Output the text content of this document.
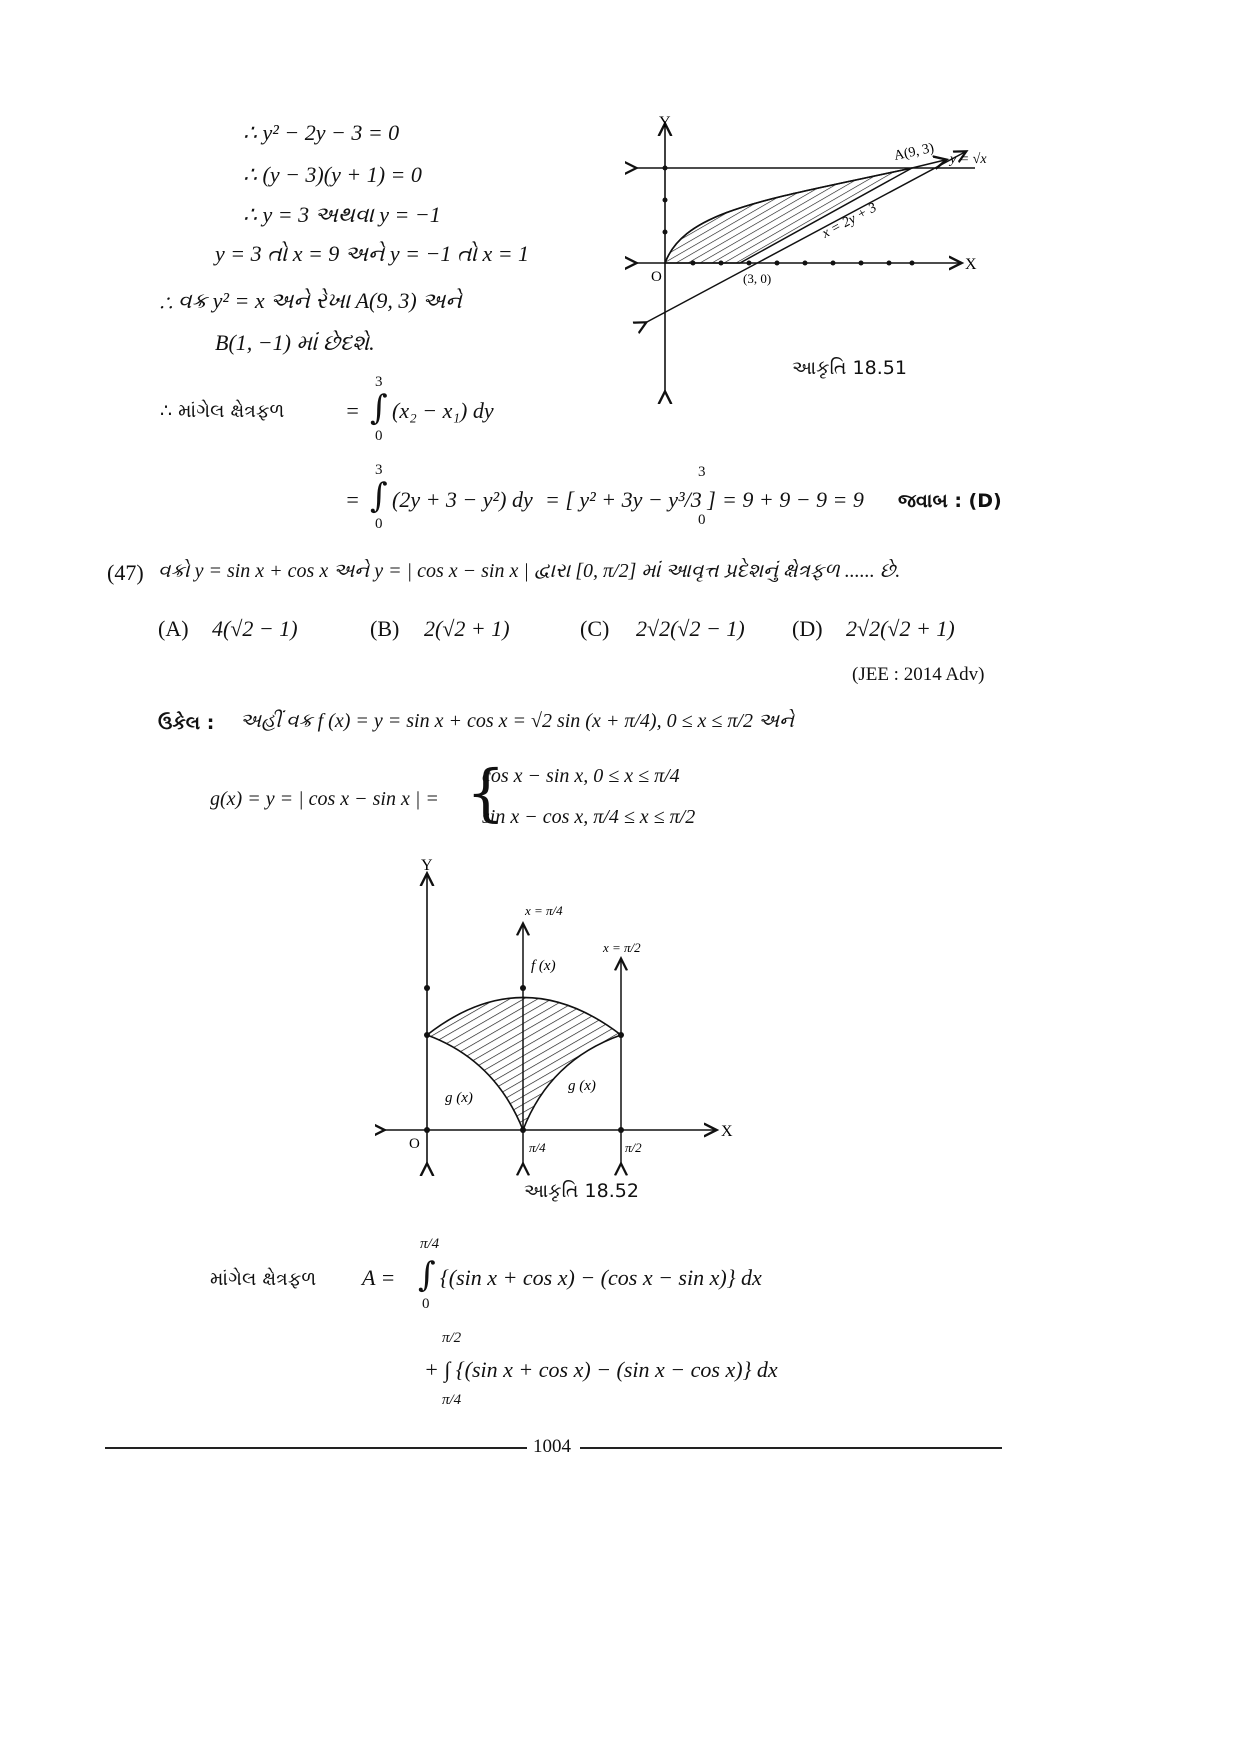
∴ y² − 2y − 3 = 0
∴ (y − 3)(y + 1) = 0
∴ y = 3 અથવા y = −1
y = 3 તો x = 9 અને y = −1 તો x = 1
∴ વક્ર y² = x અને રેખા A(9, 3) અને
B(1, −1) માં છેદશે.
∴ માંગેલ ક્ષેત્રફળ	=
3
∫
0
(x₂ − x₁) dy
=
3
∫
0
(2y + 3 − y²) dy = [ y² + 3y − y³/3 ]
3
0
= 9 + 9 − 9 = 9 જવાબ : (D)
Y
X
O
A(9, 3) y = √x
x = 2y + 3
(3, 0)
આકૃતિ 18.51
(47) વક્રો y = sin x + cos x અને y = | cos x − sin x | દ્વારા [0, π/2] માં આવૃત્ત પ્રદેશનું ક્ષેત્રફળ ...... છે.
(A) 4(√2 − 1)	(B) 2(√2 + 1)	(C) 2√2(√2 − 1) (D) 2√2(√2 + 1)
(JEE : 2014 Adv)
ઉકેલ : અહીં વક્ર f (x) = y = sin x + cos x = √2 sin (x + π/4), 0 ≤ x ≤ π/2 અને
g(x) = y = | cos x − sin x | = {
cos x − sin x, 0 ≤ x ≤ π/4
sin x − cos x, π/4 ≤ x ≤ π/2
Y
X
O
f (x)
g (x)
g (x)
x = π/4
x = π/2
π/4	π/2
આકૃતિ 18.52
માંગેલ ક્ષેત્રફળ A =
π/4
∫
0
{(sin x + cos x) − (cos x − sin x)} dx
π/2
+ ∫ {(sin x + cos x) − (sin x − cos x)} dx
π/4
1004
